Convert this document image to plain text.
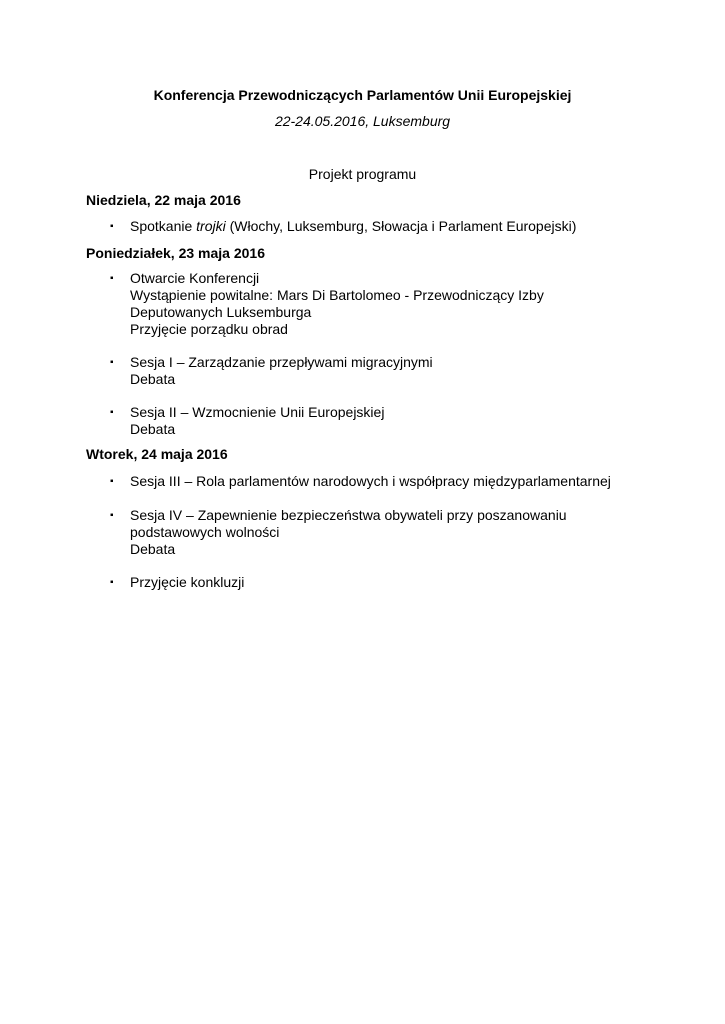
Konferencja Przewodniczących Parlamentów Unii Europejskiej

22-24.05.2016, Luksemburg

Projekt programu

Niedziela, 22 maja 2016

▪	Spotkanie trojki (Włochy, Luksemburg, Słowacja i Parlament Europejski)

Poniedziałek, 23 maja 2016

▪	Otwarcie Konferencji
Wystąpienie powitalne: Mars Di Bartolomeo - Przewodniczący Izby Deputowanych Luksemburga
Przyjęcie porządku obrad
▪	Sesja I – Zarządzanie przepływami migracyjnymi
Debata
▪	Sesja II – Wzmocnienie Unii Europejskiej
Debata

Wtorek, 24 maja 2016

▪	Sesja III – Rola parlamentów narodowych i współpracy międzyparlamentarnej
▪	Sesja IV – Zapewnienie bezpieczeństwa obywateli przy poszanowaniu podstawowych wolności
Debata
▪	Przyjęcie konkluzji
